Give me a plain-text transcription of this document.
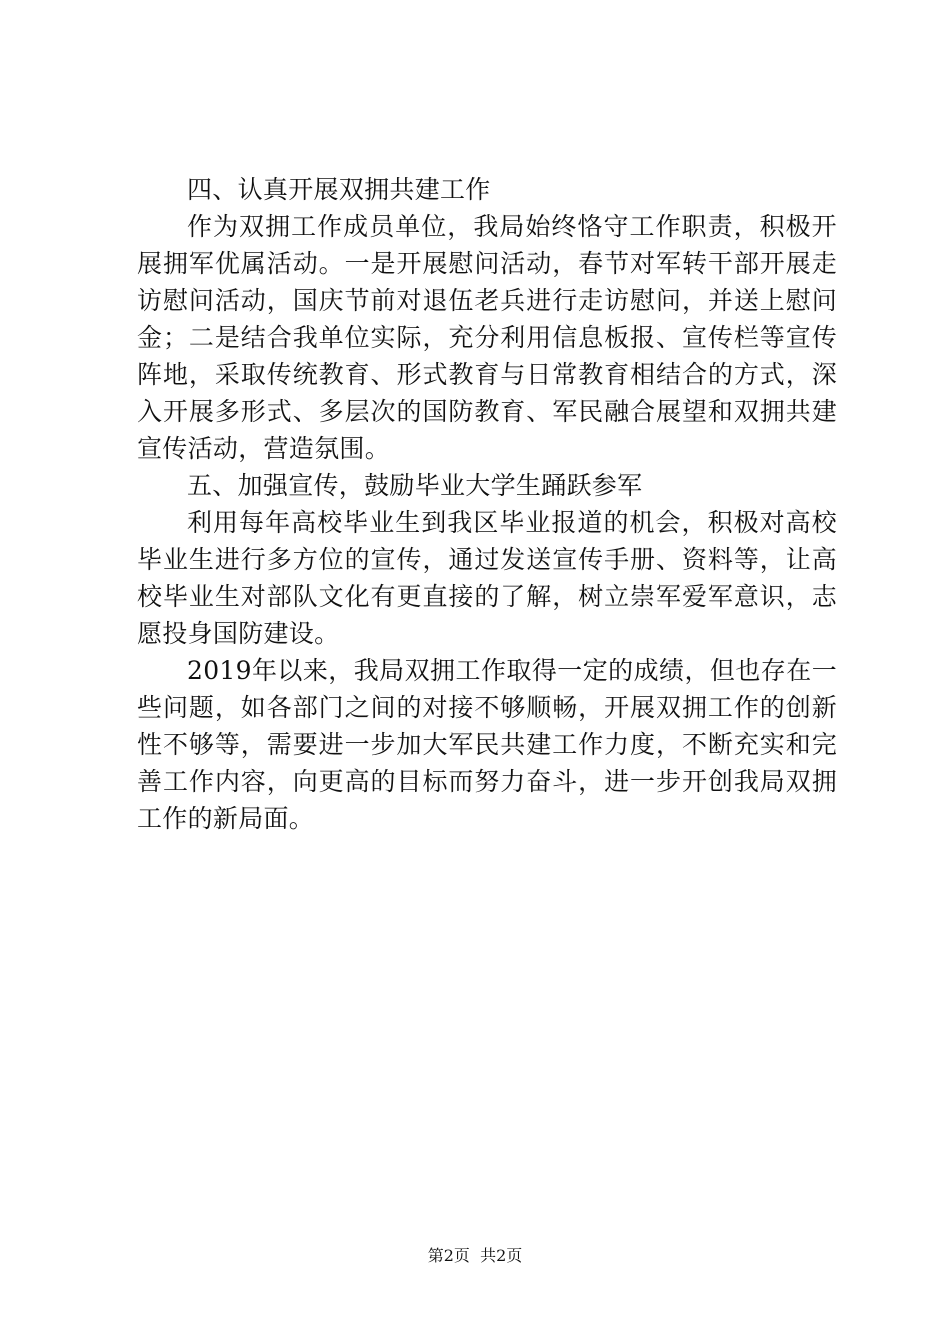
四、认真开展双拥共建工作

作为双拥工作成员单位，我局始终恪守工作职责，积极开展拥军优属活动。一是开展慰问活动，春节对军转干部开展走访慰问活动，国庆节前对退伍老兵进行走访慰问，并送上慰问金；二是结合我单位实际，充分利用信息板报、宣传栏等宣传阵地，采取传统教育、形式教育与日常教育相结合的方式，深入开展多形式、多层次的国防教育、军民融合展望和双拥共建宣传活动，营造氛围。

五、加强宣传，鼓励毕业大学生踊跃参军

利用每年高校毕业生到我区毕业报道的机会，积极对高校毕业生进行多方位的宣传，通过发送宣传手册、资料等，让高校毕业生对部队文化有更直接的了解，树立崇军爱军意识，志愿投身国防建设。

2019年以来，我局双拥工作取得一定的成绩，但也存在一些问题，如各部门之间的对接不够顺畅，开展双拥工作的创新性不够等，需要进一步加大军民共建工作力度，不断充实和完善工作内容，向更高的目标而努力奋斗，进一步开创我局双拥工作的新局面。

第2页  共2页
